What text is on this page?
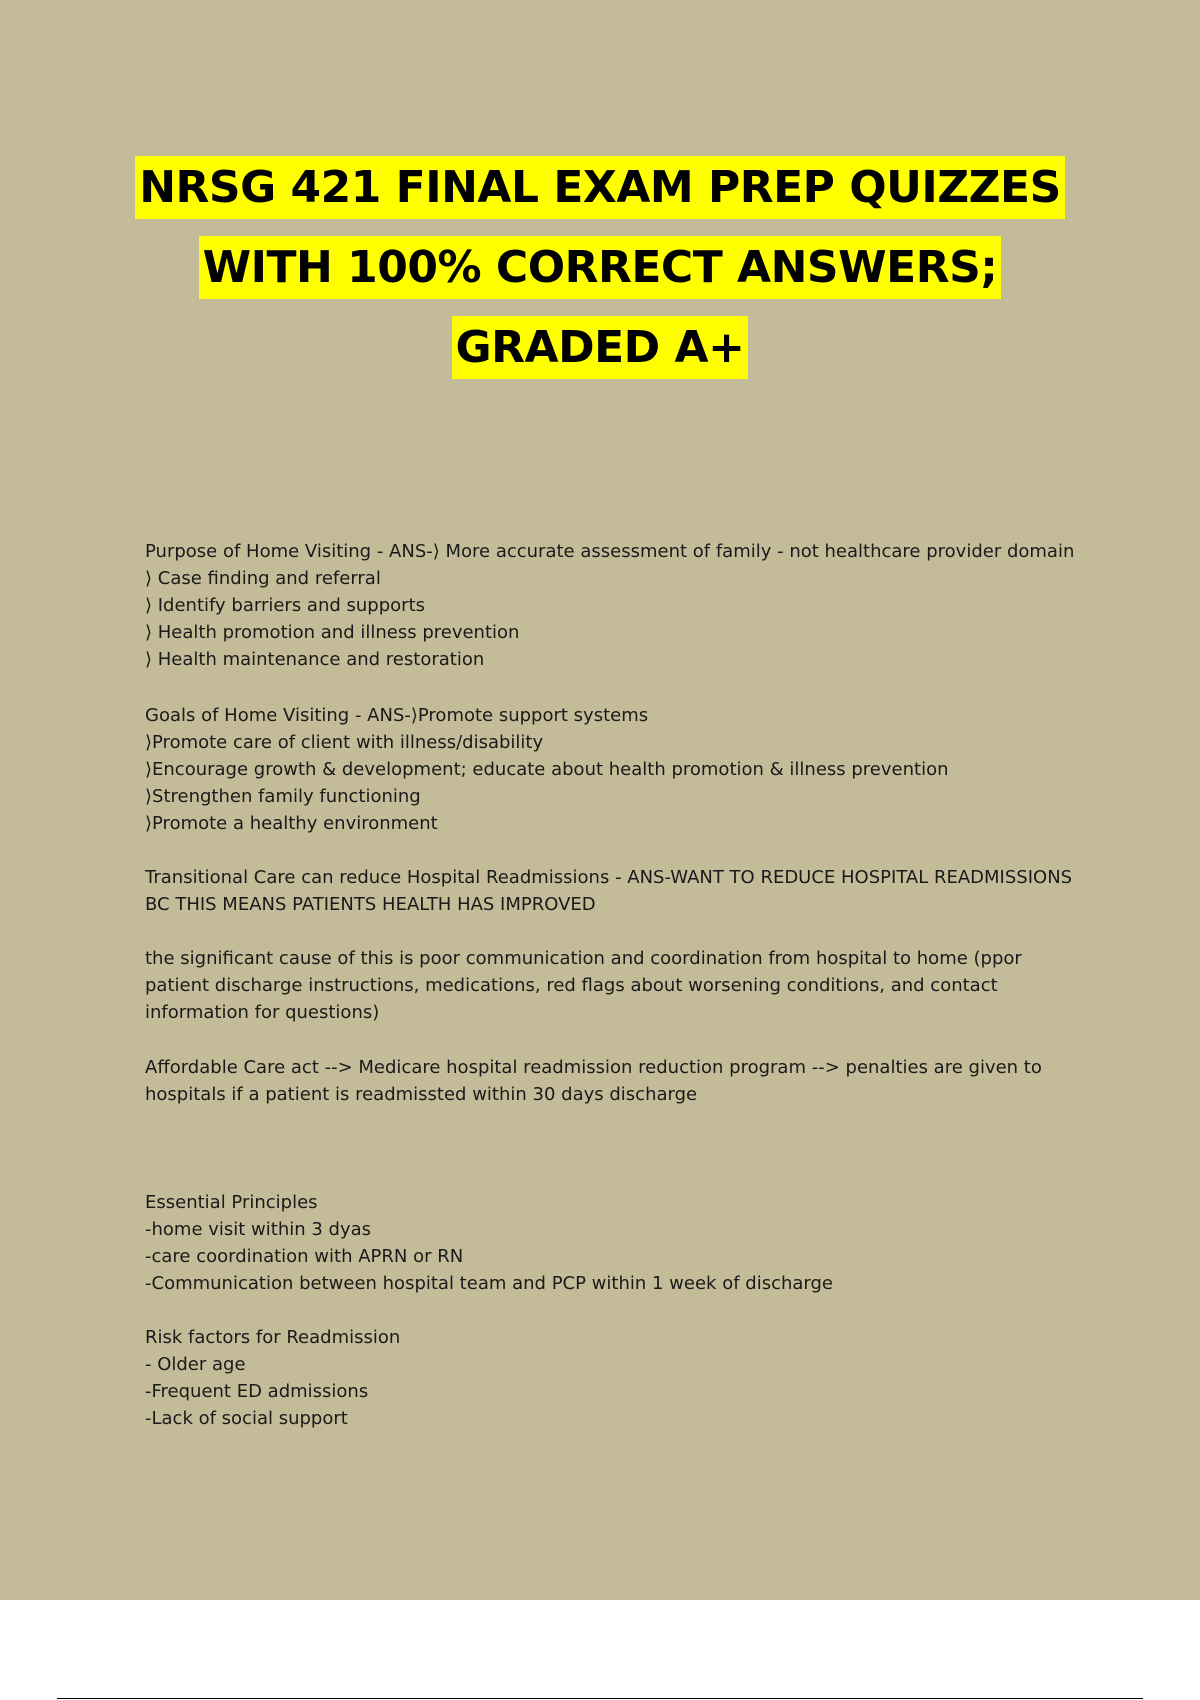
NRSG 421 FINAL EXAM PREP QUIZZES
WITH 100% CORRECT ANSWERS;
GRADED A+

Purpose of Home Visiting - ANS-⟩ More accurate assessment of family - not healthcare provider domain

⟩ Case finding and referral

⟩ Identify barriers and supports

⟩ Health promotion and illness prevention

⟩ Health maintenance and restoration

Goals of Home Visiting - ANS-⟩Promote support systems

⟩Promote care of client with illness/disability

⟩Encourage growth & development; educate about health promotion & illness prevention

⟩Strengthen family functioning

⟩Promote a healthy environment

Transitional Care can reduce Hospital Readmissions - ANS-WANT TO REDUCE HOSPITAL READMISSIONS

BC THIS MEANS PATIENTS HEALTH HAS IMPROVED

the significant cause of this is poor communication and coordination from hospital to home (ppor

patient discharge instructions, medications, red flags about worsening conditions, and contact

information for questions)

Affordable Care act --> Medicare hospital readmission reduction program --> penalties are given to

hospitals if a patient is readmissted within 30 days discharge

Essential Principles

-home visit within 3 dyas

-care coordination with APRN or RN

-Communication between hospital team and PCP within 1 week of discharge

Risk factors for Readmission

- Older age

-Frequent ED admissions

-Lack of social support
